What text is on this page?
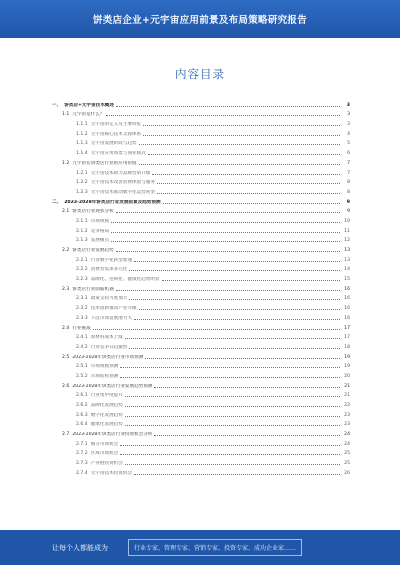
饼类店企业+元宇宙应用前景及布局策略研究报告
内容目录
一、 饼类店+元宇宙技术概述	3
1.1 元宇宙是什么？	3
1.1.1 元宇宙的定义及主要特征	3
1.1.2 元宇宙核心技术支撑体系	4
1.1.3 元宇宙发展阶段与趋势	5
1.1.4 元宇宙应用场景与商业模式	6
1.2 元宇宙在饼类店行业的应用价值	7
1.2.1 元宇宙技术助力品牌营销升级	7
1.2.2 元宇宙技术改善消费体验与服务	8
1.2.3 元宇宙技术推动数字化运营转型	8
二、 2023-2028年饼类店行业发展前景及趋势预测	9
2.1 饼类店行业现状分析	9
2.1.1 市场规模	10
2.1.2 竞争格局	11
2.1.3 发展痛点	12
2.2 饼类店行业发展趋势	13
2.2.1 行业数字化转型加速	13
2.2.2 消费者需求多元化	14
2.2.3 品牌化、连锁化、健康化趋势明显	15
2.3 饼类店行业面临机遇	16
2.3.1 政策支持力度加大	16
2.3.2 技术创新推动产业升级	16
2.3.3 下沉市场发展潜力大	16
2.4 行业挑战	17
2.4.1 原材料成本上涨	17
2.4.2 行业竞争日趋激烈	18
2.5 2023-2028年饼类店行业市场预测	19
2.5.1 市场规模预测	19
2.5.2 市场结构预测	20
2.6 2023-2028年饼类店行业发展趋势预测	21
2.6.1 行业集中度提升	21
2.6.2 品牌化发展趋势	22
2.6.3 数字化发展趋势	23
2.6.4 健康化发展趋势	23
2.7 2023-2028年饼类店行业投资机会分析	24
2.7.1 细分市场机会	24
2.7.2 区域市场机会	25
2.7.3 产业链投资机会	25
2.7.4 元宇宙技术投资机会	26
让每个人都能成为	行业专家、管理专家、营销专家、投资专家、成功企业家……
